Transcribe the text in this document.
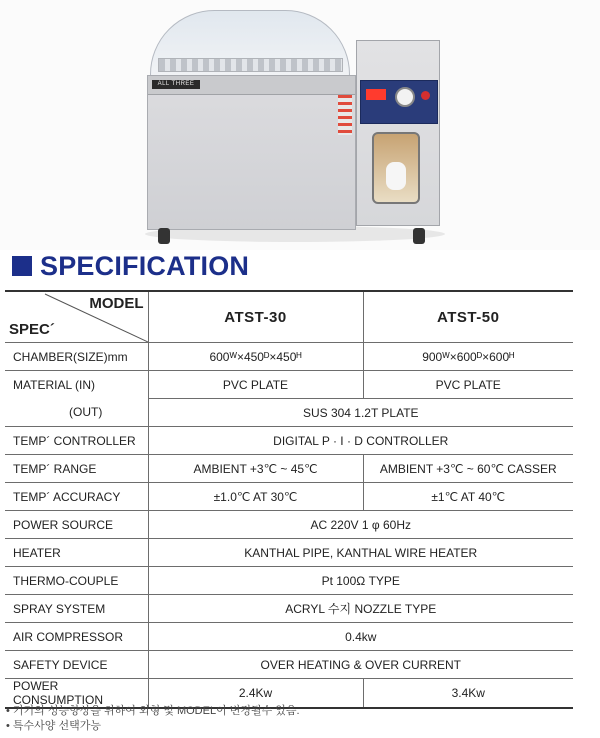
ALL THREE
SPECIFICATION
MODEL
SPEC´	ATST-30	ATST-50
CHAMBER(SIZE)mm	600ᵂ×450ᴰ×450ᴴ	900ᵂ×600ᴰ×600ᴴ
MATERIAL (IN)	PVC PLATE	PVC PLATE
(OUT)	SUS 304 1.2T PLATE	
TEMP´ CONTROLLER	DIGITAL P · I · D CONTROLLER	
TEMP´ RANGE	AMBIENT +3℃ ~ 45℃	AMBIENT +3℃ ~ 60℃ CASSER
TEMP´ ACCURACY	±1.0℃ AT 30℃	±1℃ AT 40℃
POWER SOURCE	AC 220V 1 φ 60Hz	
HEATER	KANTHAL PIPE, KANTHAL WIRE HEATER	
THERMO-COUPLE	Pt 100Ω TYPE	
SPRAY SYSTEM	ACRYL 수지 NOZZLE TYPE	
AIR COMPRESSOR	0.4kw	
SAFETY DEVICE	OVER HEATING & OVER CURRENT	
POWER CONSUMPTION	2.4Kw	3.4Kw
• 기기의 성능향상을 위하여 외형 및 MODEL이 변경될수 있음.
• 특수사양 선택가능
